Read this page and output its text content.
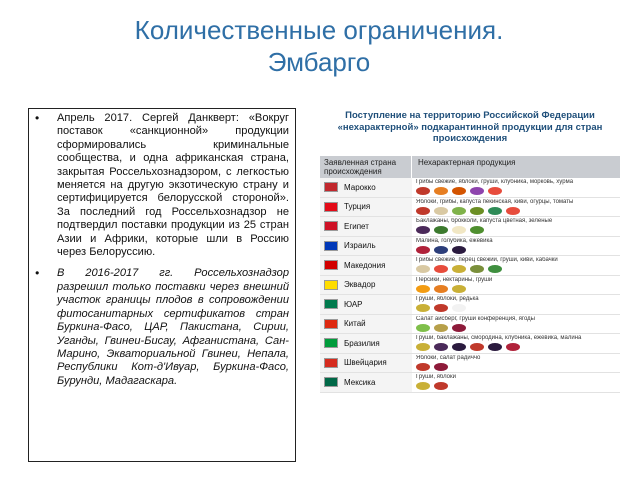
Количественные ограничения.
Эмбарго
• Апрель 2017. Сергей Данкверт: «Вокруг поставок «санкционной» продукции сформировались криминальные сообщества, и одна африканская страна, закрытая Россельхознадзором, с легкостью меняется на другую экзотическую страну и сертифицируется белорусской стороной». За последний год Россельхознадзор не подтвердил поставки продукции из 25 стран Азии и Африки, которые шли в Россию через Белоруссию.
• В 2016-2017 гг. Россельхознадзор разрешил только поставки через внешний участок границы плодов в сопровождении фитосанитарных сертификатов стран Буркина-Фасо, ЦАР, Пакистана, Сирии, Уганды, Гвинеи-Бисау, Афганистана, Сан-Марино, Экваториальной Гвинеи, Непала, Республики Кот-д'Ивуар, Буркина-Фасо, Бурунди, Мадагаскара.
Поступление на территорию Российской Федерации «нехарактерной» подкарантинной продукции для стран происхождения
Заявленная страна происхождения
Нехарактерная продукция
Марокко
Грибы свежие, яблоки, груши, клубника, морковь, хурма
Турция
Яблоки, грибы, капуста пекинская, киви, огурцы, томаты
Египет
Баклажаны, брокколи, капуста цветная, зеленые
Израиль
Малина, голубика, ежевика
Македония
Грибы свежие, перец свежий, груши, киви, кабачки
Эквадор
Персики, нектарины, груши
ЮАР
Груши, яблоки, редька
Китай
Салат айсберг, груши конференция, ягоды
Бразилия
Груши, баклажаны, смородина, клубника, ежевика, малина
Швейцария
Яблоки, салат радиччо
Мексика
Груши, яблоки
